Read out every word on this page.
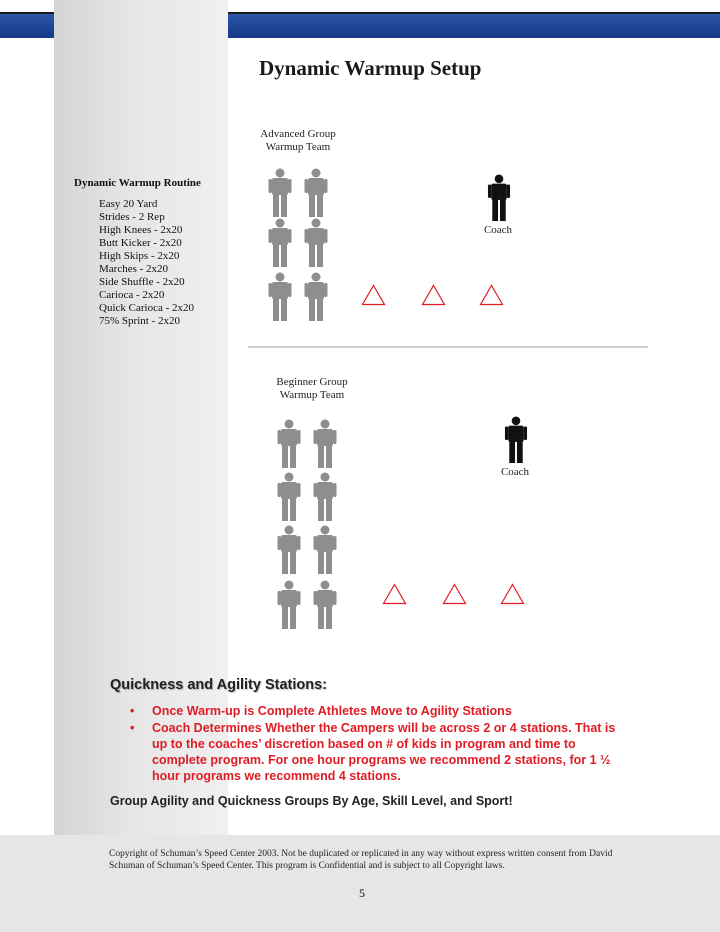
Dynamic Warmup Setup
Advanced Group
Warmup Team
Coach
Dynamic Warmup Routine
Easy 20 Yard
Strides - 2 Rep
High Knees - 2x20
Butt Kicker - 2x20
High Skips - 2x20
Marches - 2x20
Side Shuffle - 2x20
Carioca - 2x20
Quick Carioca - 2x20
75% Sprint - 2x20
Beginner Group
Warmup Team
Coach
Quickness and Agility Stations:
• Once Warm-up is Complete Athletes Move to Agility Stations
• Coach Determines Whether the Campers will be across 2 or 4 stations. That is up to the coaches’ discretion based on # of kids in program and time to complete program. For one hour programs we recommend 2 stations, for 1 ½ hour programs we recommend 4 stations.
Group Agility and Quickness Groups By Age, Skill Level, and Sport!
Copyright of Schuman’s Speed Center 2003. Not be duplicated or replicated in any way without express written consent from David Schuman of Schuman’s Speed Center. This program is Confidential and is subject to all Copyright laws.
5
